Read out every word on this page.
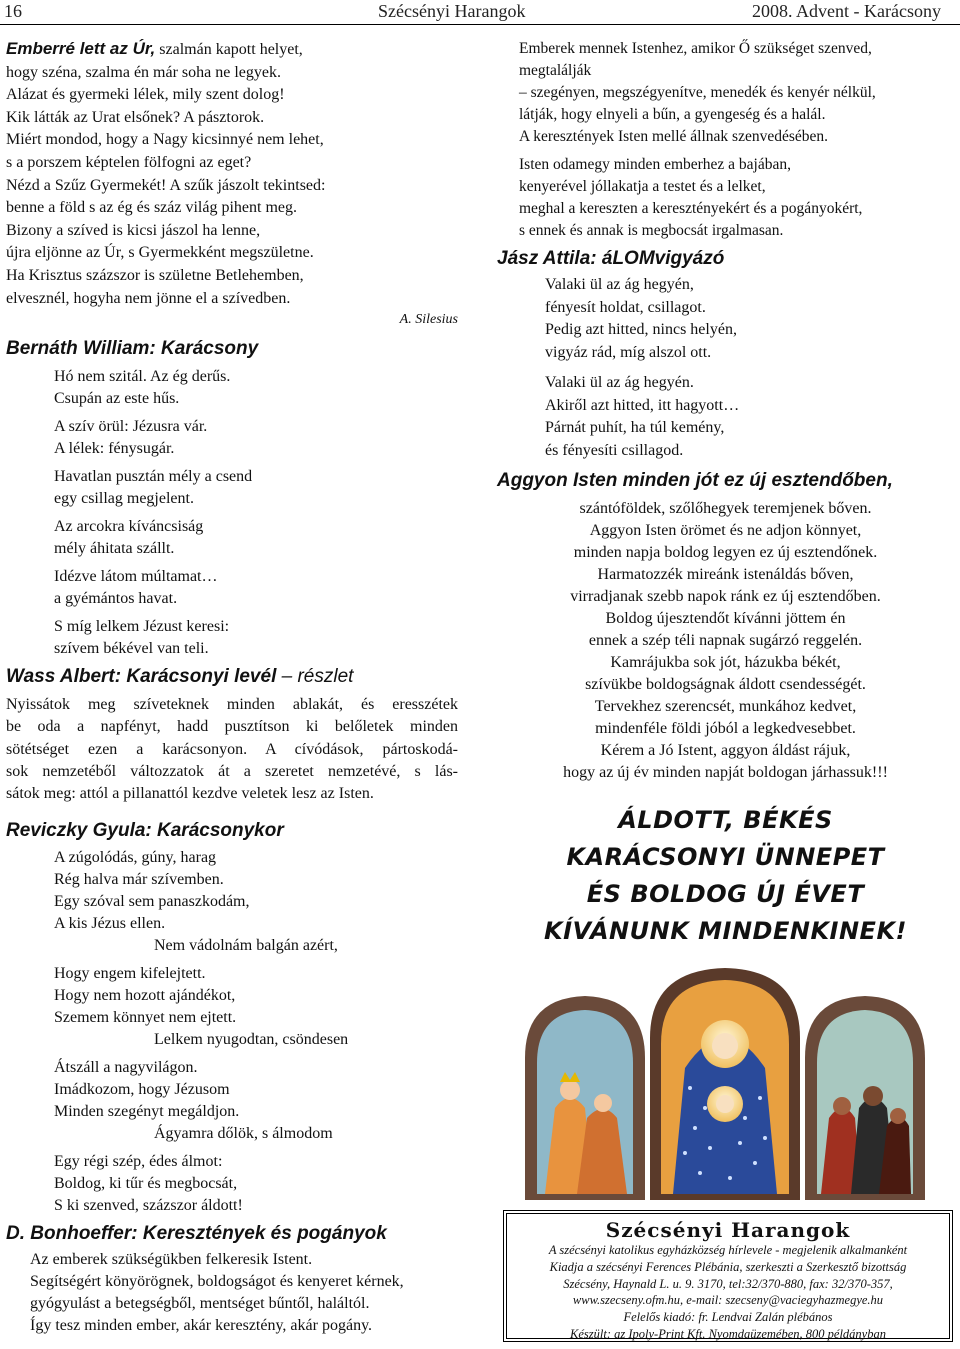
16	Szécsényi Harangok	2008. Advent - Karácsony
Emberré lett az Úr, szalmán kapott helyet,
hogy széna, szalma én már soha ne legyek.
Alázat és gyermeki lélek, mily szent dolog!
Kik látták az Urat elsőnek? A pásztorok.
Miért mondod, hogy a Nagy kicsinnyé nem lehet,
s a porszem képtelen fölfogni az eget?
Nézd a Szűz Gyermekét! A szűk jászolt tekintsed:
benne a föld s az ég és száz világ pihent meg.
Bizony a szíved is kicsi jászol ha lenne,
újra eljönne az Úr, s Gyermekként megszületne.
Ha Krisztus százszor is születne Betlehemben,
elvesznél, hogyha nem jönne el a szívedben.
A. Silesius
Bernáth William: Karácsony
Hó nem szitál. Az ég derűs.
Csupán az este hűs.
A szív örül: Jézusra vár.
A lélek: fénysugár.
Havatlan pusztán mély a csend
egy csillag megjelent.
Az arcokra kíváncsiság
mély áhitata szállt.
Idézve látom múltamat…
a gyémántos havat.
S míg lelkem Jézust keresi:
szívem békével van teli.
Wass Albert: Karácsonyi levél – részlet
Nyissátok meg szíveteknek minden ablakát, és eresszétek
be oda a napfényt, hadd pusztítson ki belőletek minden
sötétséget ezen a karácsonyon. A cívódások, pártoskodá-
sok nemzetéből változzatok át a szeretet nemzetévé, s lás-
sátok meg: attól a pillanattól kezdve veletek lesz az Isten.
Reviczky Gyula: Karácsonykor
A zúgolódás, gúny, harag
Rég halva már szívemben.
Egy szóval sem panaszkodám,
A kis Jézus ellen.
Nem vádolnám balgán azért,
Hogy engem kifelejtett.
Hogy nem hozott ajándékot,
Szemem könnyet nem ejtett.
Lelkem nyugodtan, csöndesen
Átszáll a nagyvilágon.
Imádkozom, hogy Jézusom
Minden szegényt megáldjon.
Ágyamra dőlök, s álmodom
Egy régi szép, édes álmot:
Boldog, ki tűr és megbocsát,
S ki szenved, százszor áldott!
D. Bonhoeffer: Keresztények és pogányok
Az emberek szükségükben felkeresik Istent.
Segítségért könyörögnek, boldogságot és kenyeret kérnek,
gyógyulást a betegségből, mentséget bűntől, haláltól.
Így tesz minden ember, akár keresztény, akár pogány.
Emberek mennek Istenhez, amikor Ő szükséget szenved,
megtalálják
– szegényen, megszégyenítve, menedék és kenyér nélkül,
látják, hogy elnyeli a bűn, a gyengeség és a halál.
A keresztények Isten mellé állnak szenvedésében.
Isten odamegy minden emberhez a bajában,
kenyerével jóllakatja a testet és a lelket,
meghal a kereszten a keresztényekért és a pogányokért,
s ennek és annak is megbocsát irgalmasan.
Jász Attila: áLOMvigyázó
Valaki ül az ág hegyén,
fényesít holdat, csillagot.
Pedig azt hitted, nincs helyén,
vigyáz rád, míg alszol ott.
Valaki ül az ág hegyén.
Akiről azt hitted, itt hagyott…
Párnát puhít, ha túl kemény,
és fényesíti csillagod.
Aggyon Isten minden jót ez új esztendőben,
szántóföldek, szőlőhegyek teremjenek bőven.
Aggyon Isten örömet és ne adjon könnyet,
minden napja boldog legyen ez új esztendőnek.
Harmatozzék mireánk istenáldás bőven,
virradjanak szebb napok ránk ez új esztendőben.
Boldog újesztendőt kívánni jöttem én
ennek a szép téli napnak sugárzó reggelén.
Kamrájukba sok jót, házukba békét,
szívükbe boldogságnak áldott csendességét.
Tervekhez szerencsét, munkához kedvet,
mindenféle földi jóból a legkedvesebbet.
Kérem a Jó Istent, aggyon áldást rájuk,
hogy az új év minden napját boldogan járhassuk!!!
ÁLDOTT, BÉKÉS
KARÁCSONYI ÜNNEPET
ÉS BOLDOG ÚJ ÉVET
KÍVÁNUNK MINDENKINEK!
Szécsényi Harangok
A szécsényi katolikus egyházközség hírlevele - megjelenik alkalmanként
Kiadja a szécsényi Ferences Plébánia, szerkeszti a Szerkesztő bizottság
Szécsény, Haynald L. u. 9. 3170, tel:32/370-880, fax: 32/370-357,
www.szecseny.ofm.hu, e-mail: szecseny@vaciegyhazmegye.hu
Felelős kiadó: fr. Lendvai Zalán plébános
Készült: az Ipoly-Print Kft. Nyomdaüzemében, 800 példányban
